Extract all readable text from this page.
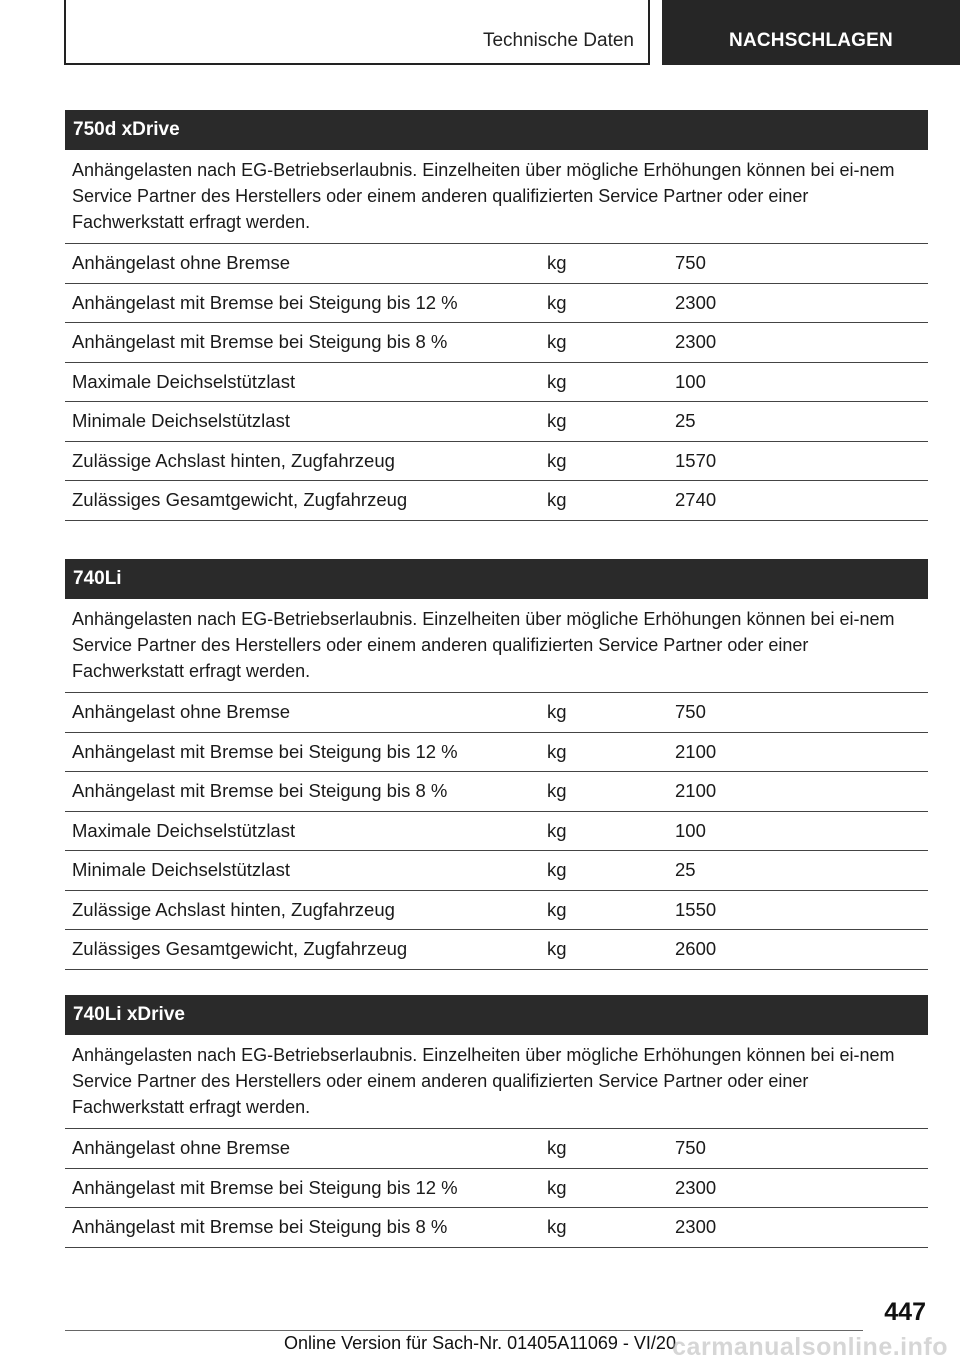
Technische Daten	NACHSCHLAGEN
750d xDrive
Anhängelasten nach EG-Betriebserlaubnis. Einzelheiten über mögliche Erhöhungen können bei ei-nem Service Partner des Herstellers oder einem anderen qualifizierten Service Partner oder einer Fachwerkstatt erfragt werden.
Anhängelast ohne Bremse	kg	750
Anhängelast mit Bremse bei Steigung bis 12 %	kg	2300
Anhängelast mit Bremse bei Steigung bis 8 %	kg	2300
Maximale Deichselstützlast	kg	100
Minimale Deichselstützlast	kg	25
Zulässige Achslast hinten, Zugfahrzeug	kg	1570
Zulässiges Gesamtgewicht, Zugfahrzeug	kg	2740
740Li
Anhängelasten nach EG-Betriebserlaubnis. Einzelheiten über mögliche Erhöhungen können bei ei-nem Service Partner des Herstellers oder einem anderen qualifizierten Service Partner oder einer Fachwerkstatt erfragt werden.
Anhängelast ohne Bremse	kg	750
Anhängelast mit Bremse bei Steigung bis 12 %	kg	2100
Anhängelast mit Bremse bei Steigung bis 8 %	kg	2100
Maximale Deichselstützlast	kg	100
Minimale Deichselstützlast	kg	25
Zulässige Achslast hinten, Zugfahrzeug	kg	1550
Zulässiges Gesamtgewicht, Zugfahrzeug	kg	2600
740Li xDrive
Anhängelasten nach EG-Betriebserlaubnis. Einzelheiten über mögliche Erhöhungen können bei ei-nem Service Partner des Herstellers oder einem anderen qualifizierten Service Partner oder einer Fachwerkstatt erfragt werden.
Anhängelast ohne Bremse	kg	750
Anhängelast mit Bremse bei Steigung bis 12 %	kg	2300
Anhängelast mit Bremse bei Steigung bis 8 %	kg	2300
447
Online Version für Sach-Nr. 01405A11069 - VI/20
carmanualsonline.info
